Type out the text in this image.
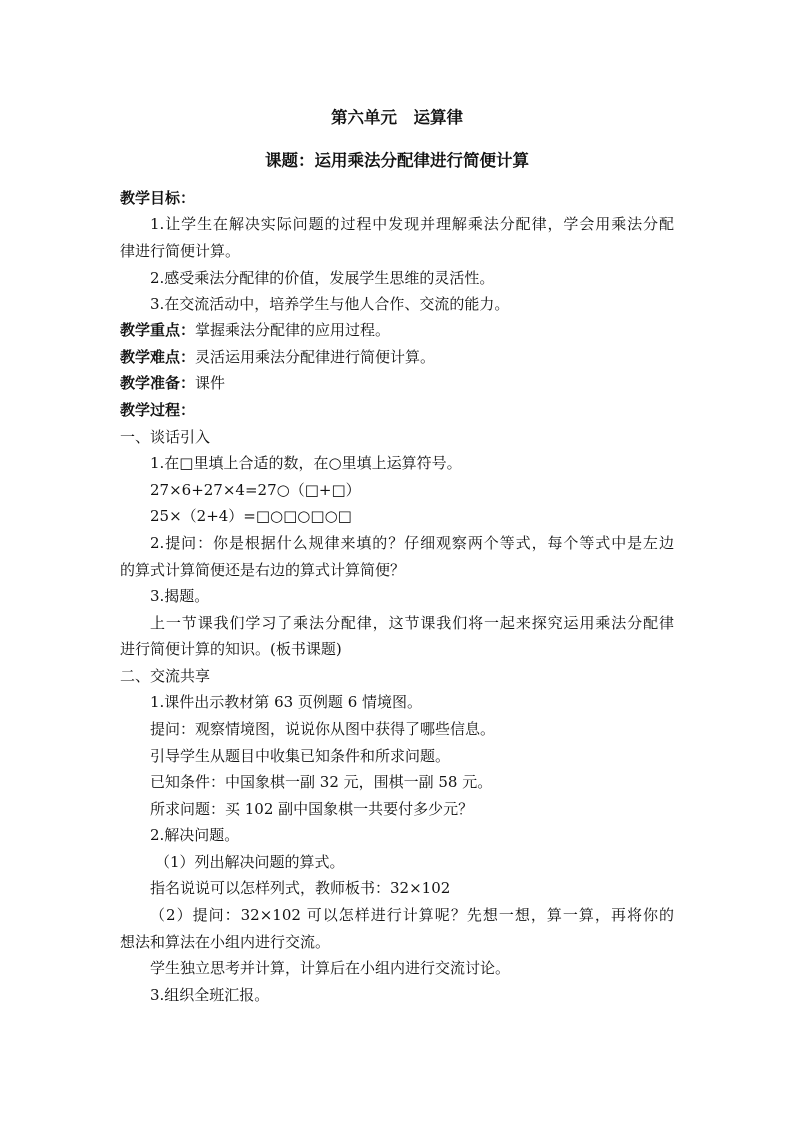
第六单元　运算律
课题：运用乘法分配律进行简便计算
教学目标：
1.让学生在解决实际问题的过程中发现并理解乘法分配律，学会用乘法分配
律进行简便计算。
2.感受乘法分配律的价值，发展学生思维的灵活性。
3.在交流活动中，培养学生与他人合作、交流的能力。
教学重点：掌握乘法分配律的应用过程。
教学难点：灵活运用乘法分配律进行简便计算。
教学准备：课件
教学过程：
一、谈话引入
1.在□里填上合适的数，在○里填上运算符号。
27×6+27×4=27○（□+□）
25×（2+4）=□○□○□○□
2.提问：你是根据什么规律来填的？仔细观察两个等式，每个等式中是左边
的算式计算简便还是右边的算式计算简便？
3.揭题。
上一节课我们学习了乘法分配律，这节课我们将一起来探究运用乘法分配律
进行简便计算的知识。(板书课题)
二、交流共享
1.课件出示教材第 63 页例题 6 情境图。
提问：观察情境图，说说你从图中获得了哪些信息。
引导学生从题目中收集已知条件和所求问题。
已知条件：中国象棋一副 32 元，围棋一副 58 元。
所求问题：买 102 副中国象棋一共要付多少元？
2.解决问题。
（1）列出解决问题的算式。
指名说说可以怎样列式，教师板书：32×102
（2）提问：32×102 可以怎样进行计算呢？先想一想，算一算，再将你的
想法和算法在小组内进行交流。
学生独立思考并计算，计算后在小组内进行交流讨论。
3.组织全班汇报。
